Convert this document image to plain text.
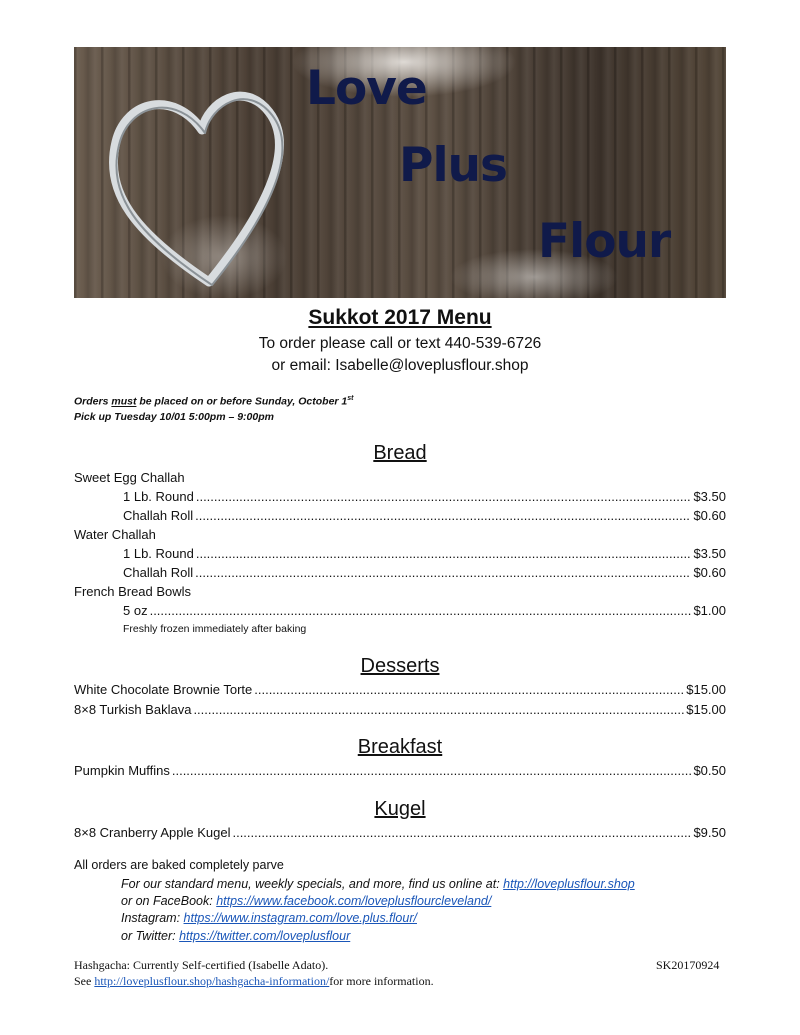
Love
Plus
Flour
Sukkot 2017 Menu
To order please call or text 440-539-6726
or email: Isabelle@loveplusflour.shop
Orders must be placed on or before Sunday, October 1st
Pick up Tuesday 10/01 5:00pm – 9:00pm
Bread
Sweet Egg Challah
1 Lb. Round .....	$3.50
Challah Roll .....	$0.60
Water Challah
1 Lb. Round .....	$3.50
Challah Roll .....	$0.60
French Bread Bowls
5 oz .....	$1.00
Freshly frozen immediately after baking
Desserts
White Chocolate Brownie Torte .....	$15.00
8×8 Turkish Baklava .....	$15.00
Breakfast
Pumpkin Muffins .....	$0.50
Kugel
8×8 Cranberry Apple Kugel .....	$9.50
All orders are baked completely parve
For our standard menu, weekly specials, and more, find us online at: http://loveplusflour.shop
or on FaceBook: https://www.facebook.com/loveplusflourcleveland/
Instagram: https://www.instagram.com/love.plus.flour/
or Twitter: https://twitter.com/loveplusflour
Hashgacha: Currently Self-certified (Isabelle Adato).	SK20170924
See http://loveplusflour.shop/hashgacha-information/for more information.
